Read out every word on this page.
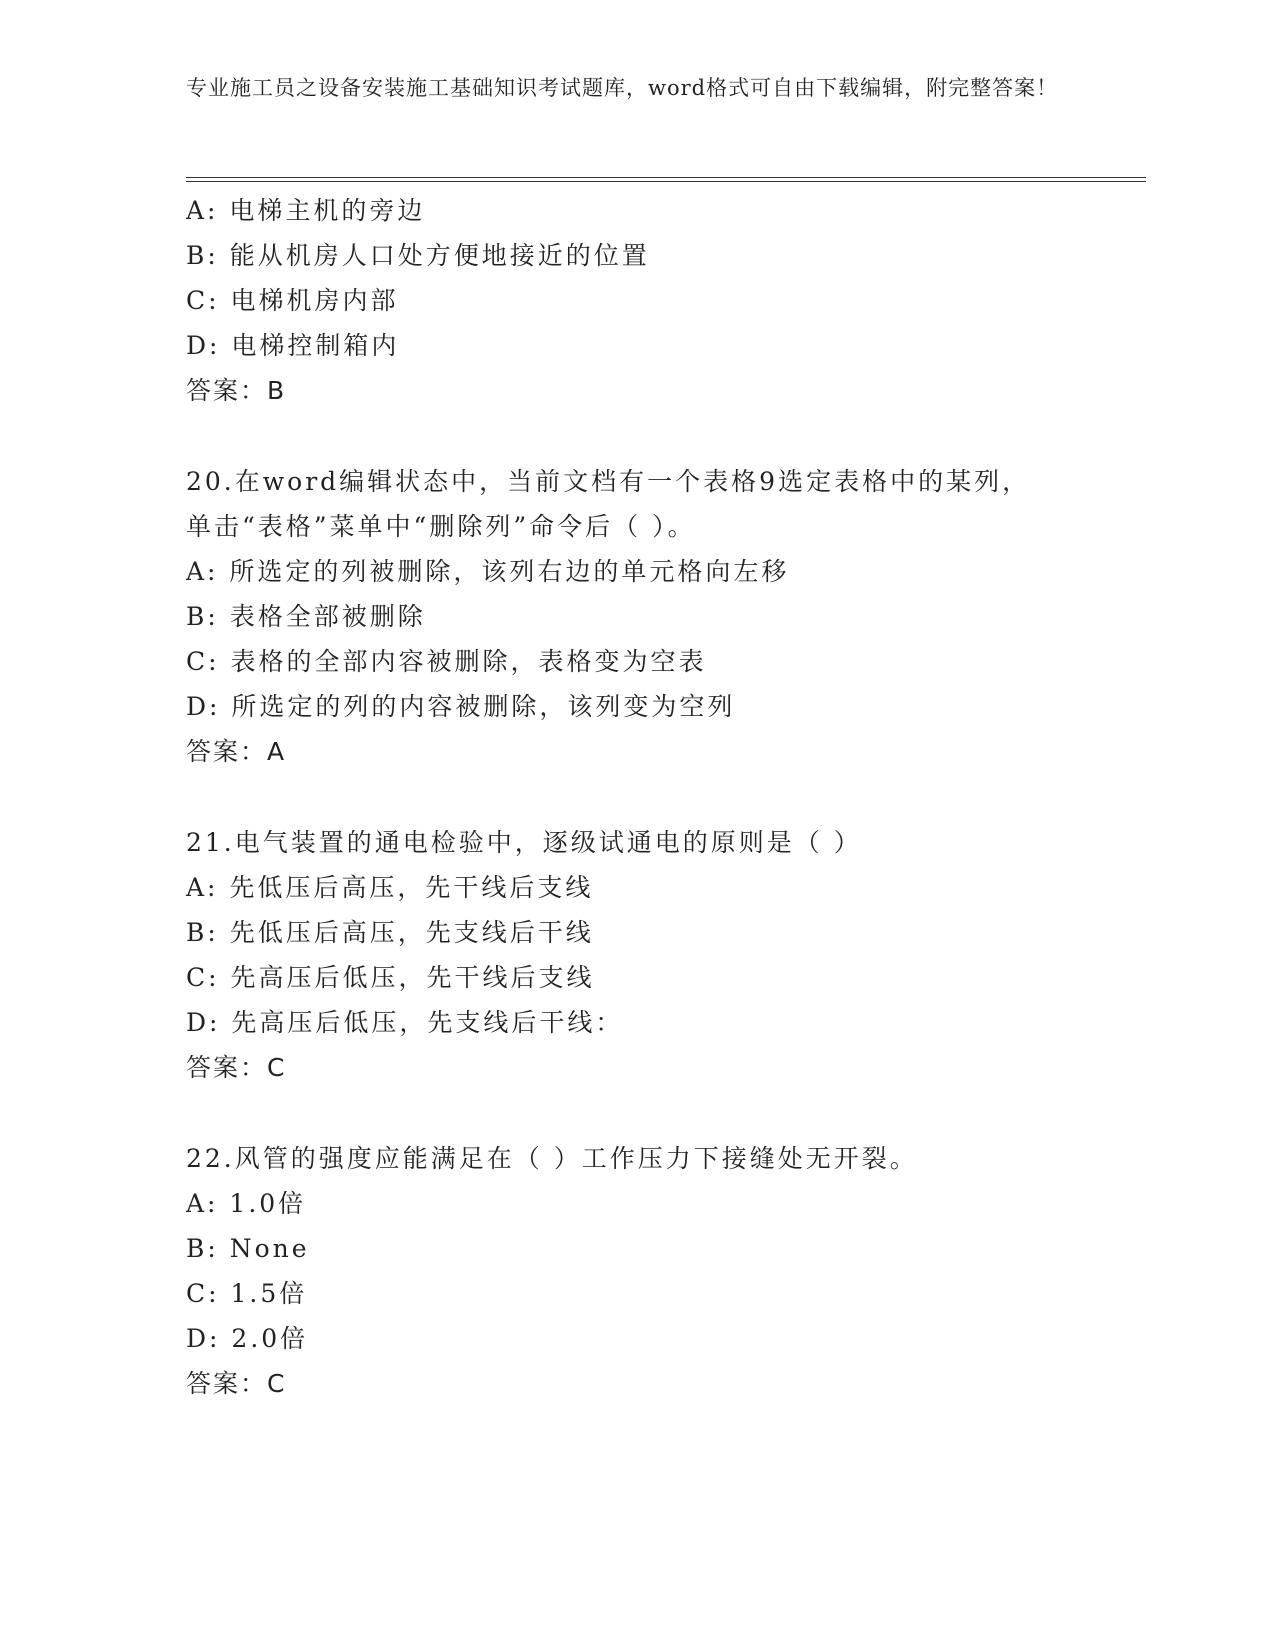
专业施工员之设备安装施工基础知识考试题库，word格式可自由下载编辑，附完整答案！
A: 电梯主机的旁边
B: 能从机房人口处方便地接近的位置
C: 电梯机房内部
D: 电梯控制箱内
答案：B
20.在word编辑状态中，当前文档有一个表格9选定表格中的某列，
单击“表格”菜单中“删除列”命令后（ ）。
A: 所选定的列被删除，该列右边的单元格向左移
B: 表格全部被删除
C: 表格的全部内容被删除，表格变为空表
D: 所选定的列的内容被删除，该列变为空列
答案：A
21.电气装置的通电检验中，逐级试通电的原则是（ ）
A: 先低压后高压，先干线后支线
B: 先低压后高压，先支线后干线
C: 先高压后低压，先干线后支线
D: 先高压后低压，先支线后干线：
答案：C
22.风管的强度应能满足在（ ）工作压力下接缝处无开裂。
A: 1.0倍
B: None
C: 1.5倍
D: 2.0倍
答案：C
